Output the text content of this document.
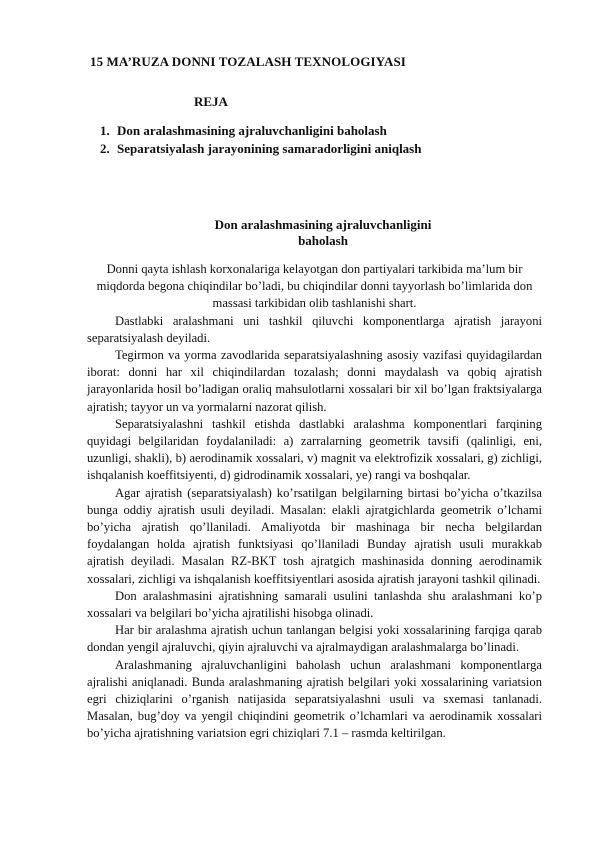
15 MA’RUZA DONNI TOZALASH TEXNOLOGIYASI
REJA
1. Don aralashmasining ajraluvchanligini baholash
2. Separatsiyalash jarayonining samaradorligini aniqlash
Don aralashmasining ajraluvchanligini
baholash

Donni qayta ishlash korxonalariga kelayotgan don partiyalari tarkibida ma’lum bir miqdorda begona chiqindilar bo’ladi, bu chiqindilar donni tayyorlash bo’limlarida don massasi tarkibidan olib tashlanishi shart.

Dastlabki aralashmani uni tashkil qiluvchi komponentlarga ajratish jarayoni separatsiyalash deyiladi.

Tegirmon va yorma zavodlarida separatsiyalashning asosiy vazifasi quyidagilardan iborat: donni har xil chiqindilardan tozalash; donni maydalash va qobiq ajratish jarayonlarida hosil bo’ladigan oraliq mahsulotlarni xossalari bir xil bo’lgan fraktsiyalarga ajratish; tayyor un va yormalarni nazorat qilish.

Separatsiyalashni tashkil etishda dastlabki aralashma komponentlari farqining quyidagi belgilaridan foydalaniladi: a) zarralarning geometrik tavsifi (qalinligi, eni, uzunligi, shakli), b) aerodinamik xossalari, v) magnit va elektrofizik xossalari, g) zichligi, ishqalanish koeffitsiyenti, d) gidrodinamik xossalari, ye) rangi va boshqalar.

Agar ajratish (separatsiyalash) ko’rsatilgan belgilarning birtasi bo’yicha o’tkazilsa bunga oddiy ajratish usuli deyiladi. Masalan: elakli ajratgichlarda geometrik o’lchami bo’yicha ajratish qo’llaniladi. Amaliyotda bir mashinaga bir necha belgilardan foydalangan holda ajratish funktsiyasi qo’llaniladi Bunday ajratish usuli murakkab ajratish deyiladi. Masalan RZ-BKT tosh ajratgich mashinasida donning aerodinamik xossalari, zichligi va ishqalanish koeffitsiyentlari asosida ajratish jarayoni tashkil qilinadi.

Don aralashmasini ajratishning samarali usulini tanlashda shu aralashmani ko’p xossalari va belgilari bo’yicha ajratilishi hisobga olinadi.

Har bir aralashma ajratish uchun tanlangan belgisi yoki xossalarining farqiga qarab dondan yengil ajraluvchi, qiyin ajraluvchi va ajralmaydigan aralashmalarga bo’linadi.

Aralashmaning ajraluvchanligini baholash uchun aralashmani komponentlarga ajralishi aniqlanadi. Bunda aralashmaning ajratish belgilari yoki xossalarining variatsion egri chiziqlarini o’rganish natijasida separatsiyalashni usuli va sxemasi tanlanadi. Masalan, bug’doy va yengil chiqindini geometrik o’lchamlari va aerodinamik xossalari bo’yicha ajratishning variatsion egri chiziqlari 7.1 – rasmda keltirilgan.
